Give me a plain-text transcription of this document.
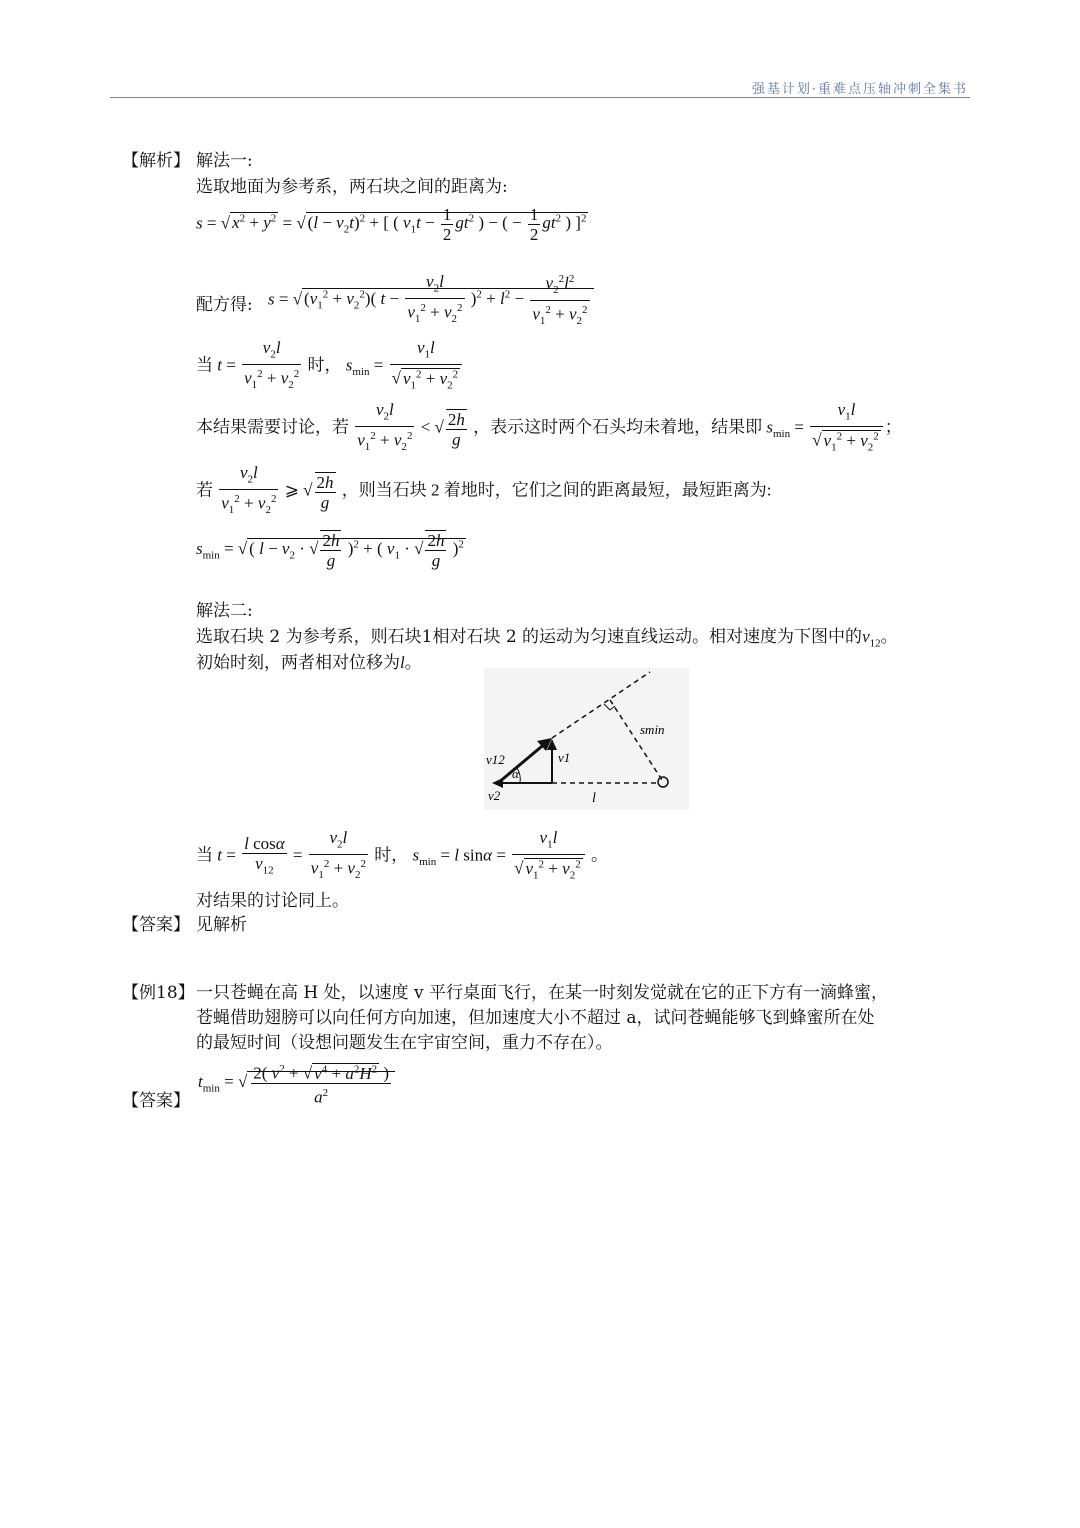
强基计划·重难点压轴冲刺全集书
【解析】 解法一:
选取地面为参考系，两石块之间的距离为:
s = √ $x^2 + y^2$ = √ $(l - v_2t)^2$ + [ ( $v_1t - \frac{1}{2} gt^2$ ) − ( − $\frac{1}{2} gt^2$ ) ]$^2$
配方得: s = √ $(v_1^2 + v_2^2)$( $t - \frac{v_2l}{v_1^2 + v_2^2} )^2 + l^2 - \frac{v_2^2l^2}{v_1^2 + v_2^2}$
当 $t = \frac{v_2l}{v_1^2 + v_2^2}$ 时， $s_{min} = \frac{v_1l}{√ v_1^2 + v_2^2}$
本结果需要讨论，若 $\frac{v_2l}{v_1^2 + v_2^2}$ < √ $\frac{2h}{g}$ ，表示这时两个石头均未着地，结果即 $s_{min} = \frac{v_1l}{√ v_1^2 + v_2^2}$ ；
若 $\frac{v_2l}{v_1^2 + v_2^2}$ ⩾ √ $\frac{2h}{g}$ ，则当石块 2 着地时，它们之间的距离最短，最短距离为:
$s_{min}$ = √ ( $l - v_2$ · √ $\frac{2h}{g} )^2$ + ( $v_1$ · √ $\frac{2h}{g} )^2$
解法二:
选取石块 2 为参考系，则石块1相对石块 2 的运动为匀速直线运动。相对速度为下图中的$v_{12}$。
初始时刻，两者相对位移为l。
v12	v1
v2
α
l
smin
当 $t = \frac{\text{l cosα}}{v_{12}} = \frac{v_2l}{v_1^2 + v_2^2}$ 时， $s_{min} = l$ $\sin\alpha = \frac{v_1l}{√ v_1^2 + v_2^2}$ 。
对结果的讨论同上。
【答案】 见解析
【例18】 一只苍蝇在高 H 处，以速度 v 平行桌面飞行，在某一时刻发觉就在它的正下方有一滴蜂蜜，
苍蝇借助翅膀可以向任何方向加速，但加速度大小不超过 a，试问苍蝇能够飞到蜂蜜所在处
的最短时间（设想问题发生在宇宙空间，重力不存在）。
【答案】
$t_{min}$ = √ $\frac{2( v^2 + √ v^4 + a^2H^2 )}{a^2}$
